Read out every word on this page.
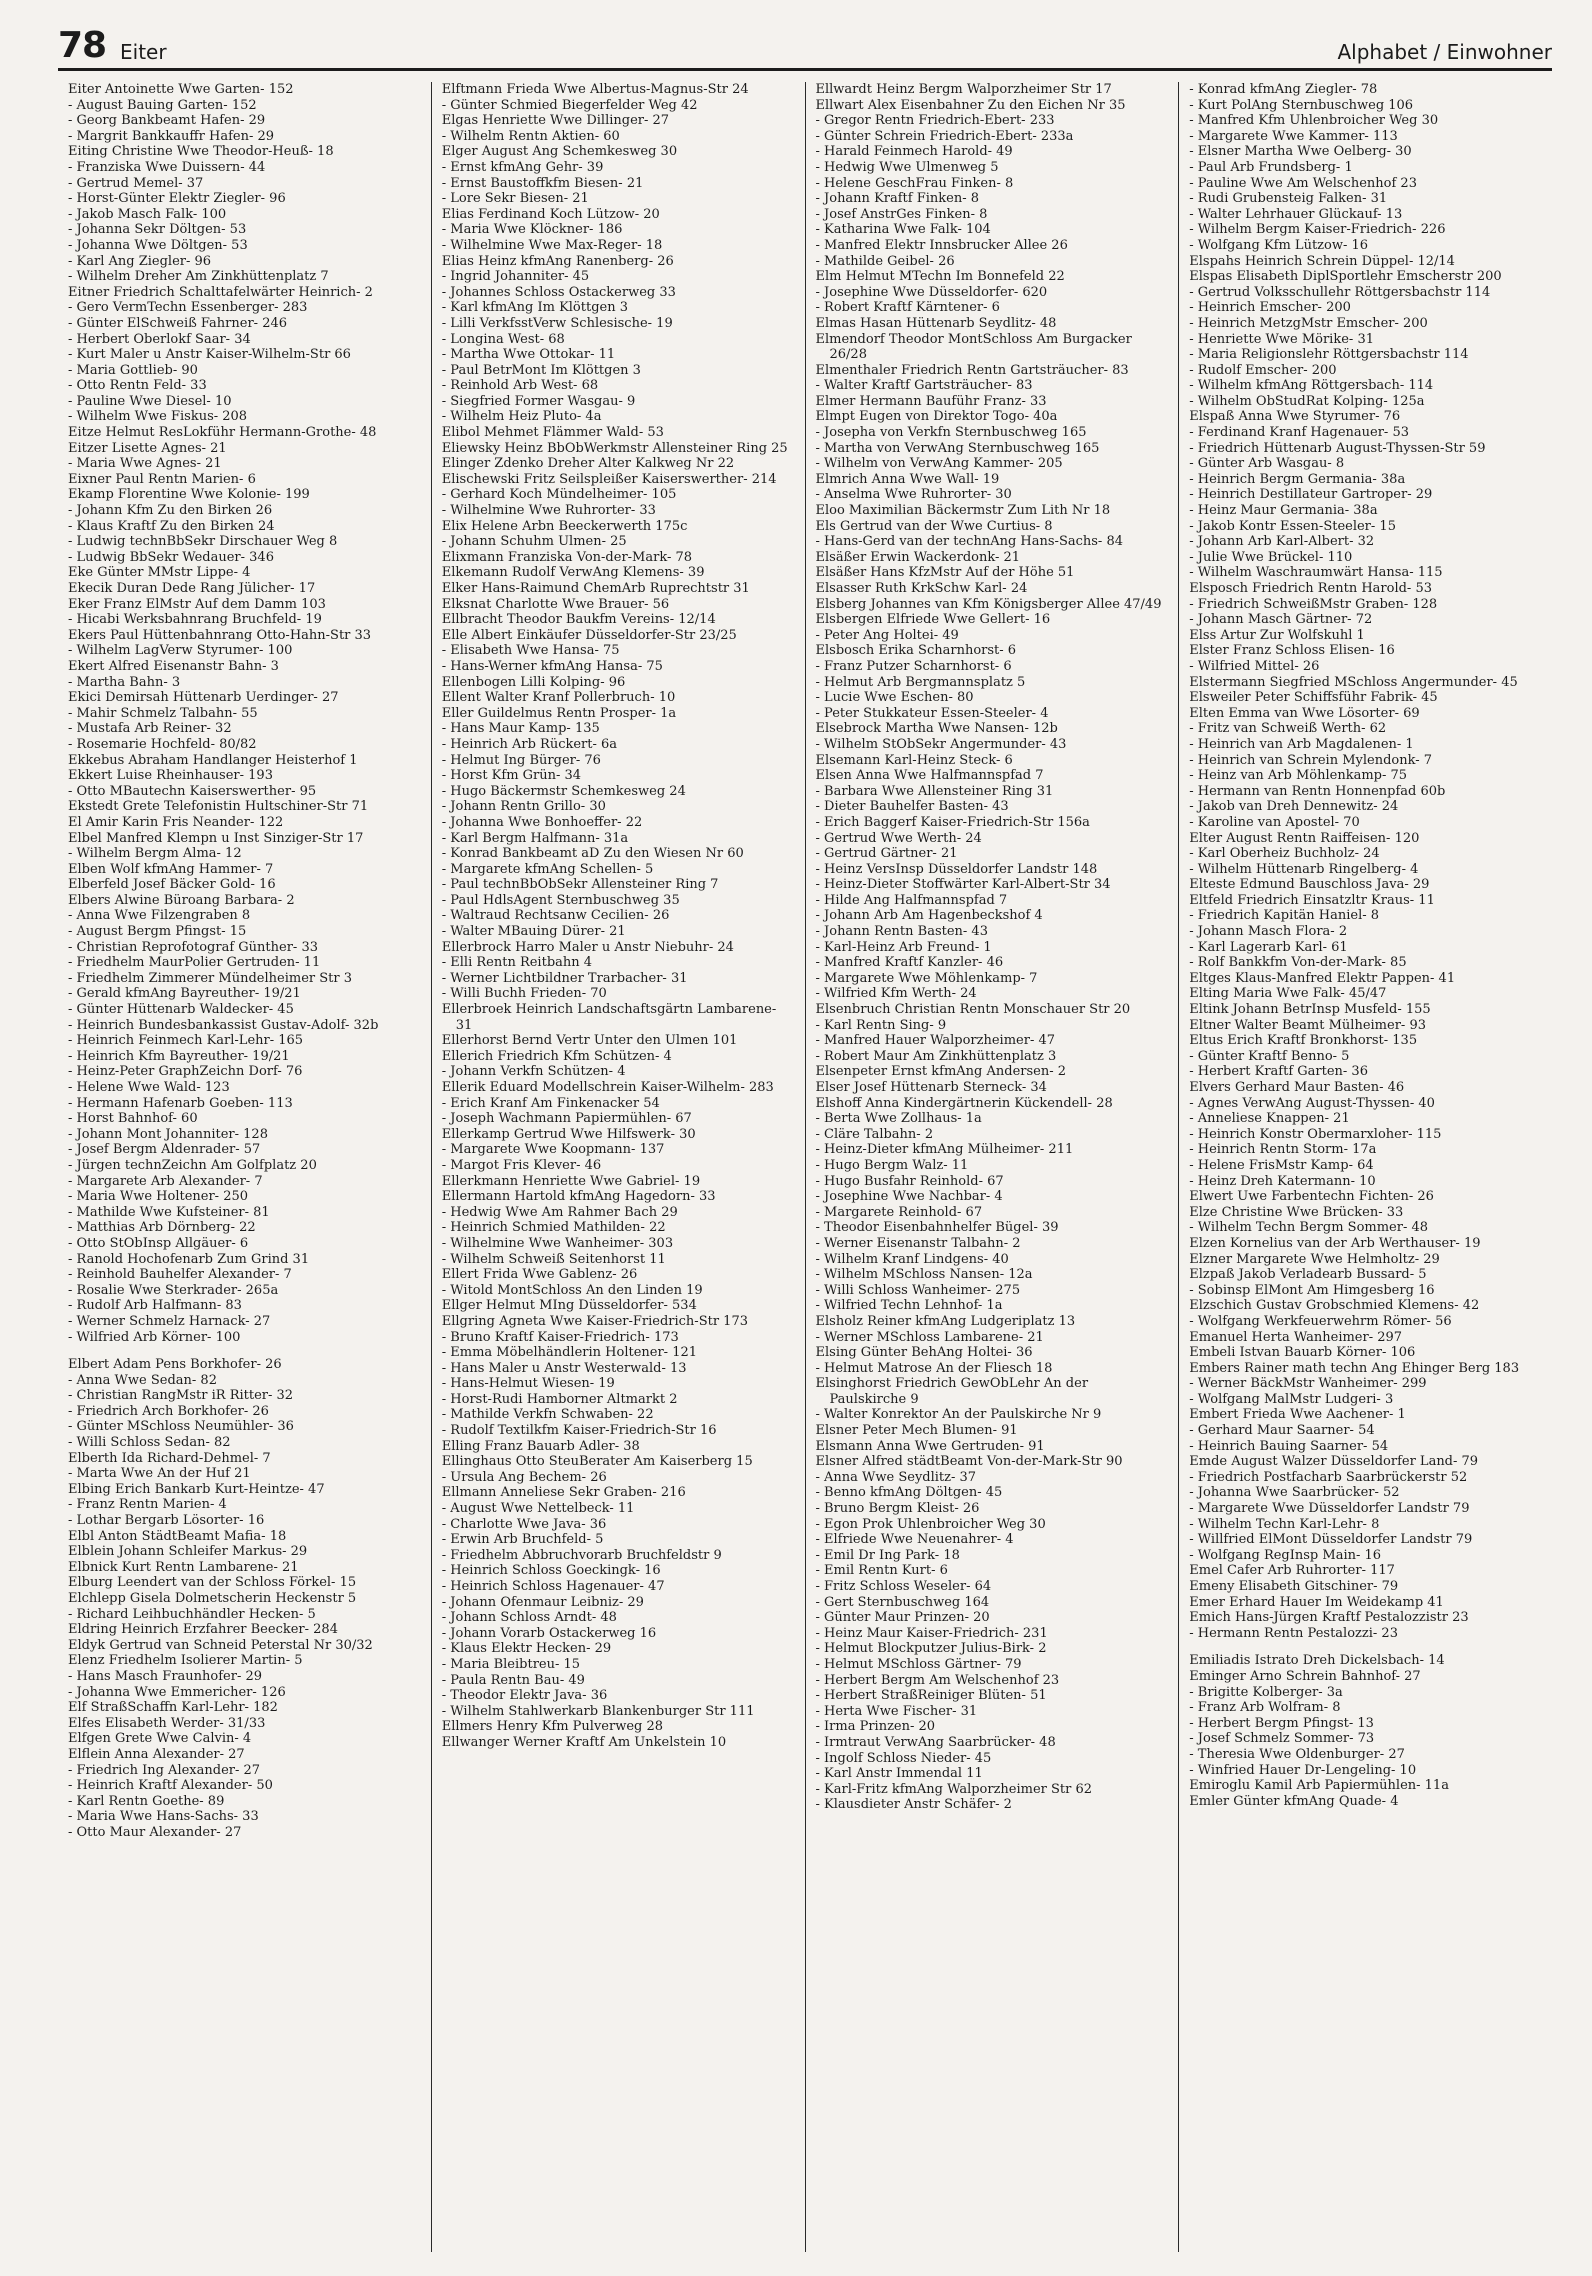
78 Eiter	Alphabet / Einwohner
Eiter Antoinette Wwe Garten- 152
- August Bauing Garten- 152
- Georg Bankbeamt Hafen- 29
- Margrit Bankkauffr Hafen- 29
Eiting Christine Wwe Theodor-Heuß- 18
- Franziska Wwe Duissern- 44
- Gertrud Memel- 37
- Horst-Günter Elektr Ziegler- 96
- Jakob Masch Falk- 100
- Johanna Sekr Döltgen- 53
- Johanna Wwe Döltgen- 53
- Karl Ang Ziegler- 96
- Wilhelm Dreher Am Zinkhüttenplatz 7
Eitner Friedrich Schalttafelwärter Heinrich- 2
- Gero VermTechn Essenberger- 283
- Günter ElSchweiß Fahrner- 246
- Herbert Oberlokf Saar- 34
- Kurt Maler u Anstr Kaiser-Wilhelm-Str 66
- Maria Gottlieb- 90
- Otto Rentn Feld- 33
- Pauline Wwe Diesel- 10
- Wilhelm Wwe Fiskus- 208
Eitze Helmut ResLokführ Hermann-Grothe- 48
Eitzer Lisette Agnes- 21
- Maria Wwe Agnes- 21
Eixner Paul Rentn Marien- 6
Ekamp Florentine Wwe Kolonie- 199
- Johann Kfm Zu den Birken 26
- Klaus Kraftf Zu den Birken 24
- Ludwig technBbSekr Dirschauer Weg 8
- Ludwig BbSekr Wedauer- 346
Eke Günter MMstr Lippe- 4
Ekecik Duran Dede Rang Jülicher- 17
Eker Franz ElMstr Auf dem Damm 103
- Hicabi Werksbahnrang Bruchfeld- 19
Ekers Paul Hüttenbahnrang Otto-Hahn-Str 33
- Wilhelm LagVerw Styrumer- 100
Ekert Alfred Eisenanstr Bahn- 3
- Martha Bahn- 3
Ekici Demirsah Hüttenarb Uerdinger- 27
- Mahir Schmelz Talbahn- 55
- Mustafa Arb Reiner- 32
- Rosemarie Hochfeld- 80/82
Ekkebus Abraham Handlanger Heisterhof 1
Ekkert Luise Rheinhauser- 193
- Otto MBautechn Kaiserswerther- 95
Ekstedt Grete Telefonistin Hultschiner-Str 71
El Amir Karin Fris Neander- 122
Elbel Manfred Klempn u Inst Sinziger-Str 17
- Wilhelm Bergm Alma- 12
Elben Wolf kfmAng Hammer- 7
Elberfeld Josef Bäcker Gold- 16
Elbers Alwine Büroang Barbara- 2
- Anna Wwe Filzengraben 8
- August Bergm Pfingst- 15
- Christian Reprofotograf Günther- 33
- Friedhelm MaurPolier Gertruden- 11
- Friedhelm Zimmerer Mündelheimer Str 3
- Gerald kfmAng Bayreuther- 19/21
- Günter Hüttenarb Waldecker- 45
- Heinrich Bundesbankassist Gustav-Adolf- 32b
- Heinrich Feinmech Karl-Lehr- 165
- Heinrich Kfm Bayreuther- 19/21
- Heinz-Peter GraphZeichn Dorf- 76
- Helene Wwe Wald- 123
- Hermann Hafenarb Goeben- 113
- Horst Bahnhof- 60
- Johann Mont Johanniter- 128
- Josef Bergm Aldenrader- 57
- Jürgen technZeichn Am Golfplatz 20
- Margarete Arb Alexander- 7
- Maria Wwe Holtener- 250
- Mathilde Wwe Kufsteiner- 81
- Matthias Arb Dörnberg- 22
- Otto StObInsp Allgäuer- 6
- Ranold Hochofenarb Zum Grind 31
- Reinhold Bauhelfer Alexander- 7
- Rosalie Wwe Sterkrader- 265a
- Rudolf Arb Halfmann- 83
- Werner Schmelz Harnack- 27
- Wilfried Arb Körner- 100
Elbert Adam Pens Borkhofer- 26
- Anna Wwe Sedan- 82
- Christian RangMstr iR Ritter- 32
- Friedrich Arch Borkhofer- 26
- Günter MSchloss Neumühler- 36
- Willi Schloss Sedan- 82
Elberth Ida Richard-Dehmel- 7
- Marta Wwe An der Huf 21
Elbing Erich Bankarb Kurt-Heintze- 47
- Franz Rentn Marien- 4
- Lothar Bergarb Lösorter- 16
Elbl Anton StädtBeamt Mafia- 18
Elblein Johann Schleifer Markus- 29
Elbnick Kurt Rentn Lambarene- 21
Elburg Leendert van der Schloss Förkel- 15
Elchlepp Gisela Dolmetscherin Heckenstr 5
- Richard Leihbuchhändler Hecken- 5
Eldring Heinrich Erzfahrer Beecker- 284
Eldyk Gertrud van Schneid Peterstal Nr 30/32
Elenz Friedhelm Isolierer Martin- 5
- Hans Masch Fraunhofer- 29
- Johanna Wwe Emmericher- 126
Elf StraßSchaffn Karl-Lehr- 182
Elfes Elisabeth Werder- 31/33
Elfgen Grete Wwe Calvin- 4
Elflein Anna Alexander- 27
- Friedrich Ing Alexander- 27
- Heinrich Kraftf Alexander- 50
- Karl Rentn Goethe- 89
- Maria Wwe Hans-Sachs- 33
- Otto Maur Alexander- 27
Elftmann Frieda Wwe Albertus-Magnus-Str 24
- Günter Schmied Biegerfelder Weg 42
Elgas Henriette Wwe Dillinger- 27
- Wilhelm Rentn Aktien- 60
Elger August Ang Schemkesweg 30
- Ernst kfmAng Gehr- 39
- Ernst Baustoffkfm Biesen- 21
- Lore Sekr Biesen- 21
Elias Ferdinand Koch Lützow- 20
- Maria Wwe Klöckner- 186
- Wilhelmine Wwe Max-Reger- 18
Elias Heinz kfmAng Ranenberg- 26
- Ingrid Johanniter- 45
- Johannes Schloss Ostackerweg 33
- Karl kfmAng Im Klöttgen 3
- Lilli VerkfsstVerw Schlesische- 19
- Longina West- 68
- Martha Wwe Ottokar- 11
- Paul BetrMont Im Klöttgen 3
- Reinhold Arb West- 68
- Siegfried Former Wasgau- 9
- Wilhelm Heiz Pluto- 4a
Elibol Mehmet Flämmer Wald- 53
Eliewsky Heinz BbObWerkmstr Allensteiner Ring 25
Elinger Zdenko Dreher Alter Kalkweg Nr 22
Elischewski Fritz Seilspleißer Kaiserswerther- 214
- Gerhard Koch Mündelheimer- 105
- Wilhelmine Wwe Ruhrorter- 33
Elix Helene Arbn Beeckerwerth 175c
- Johann Schuhm Ulmen- 25
Elixmann Franziska Von-der-Mark- 78
Elkemann Rudolf VerwAng Klemens- 39
Elker Hans-Raimund ChemArb Ruprechtstr 31
Elksnat Charlotte Wwe Brauer- 56
Ellbracht Theodor Baukfm Vereins- 12/14
Elle Albert Einkäufer Düsseldorfer-Str 23/25
- Elisabeth Wwe Hansa- 75
- Hans-Werner kfmAng Hansa- 75
Ellenbogen Lilli Kolping- 96
Ellent Walter Kranf Pollerbruch- 10
Eller Guildelmus Rentn Prosper- 1a
- Hans Maur Kamp- 135
- Heinrich Arb Rückert- 6a
- Helmut Ing Bürger- 76
- Horst Kfm Grün- 34
- Hugo Bäckermstr Schemkesweg 24
- Johann Rentn Grillo- 30
- Johanna Wwe Bonhoeffer- 22
- Karl Bergm Halfmann- 31a
- Konrad Bankbeamt aD Zu den Wiesen Nr 60
- Margarete kfmAng Schellen- 5
- Paul technBbObSekr Allensteiner Ring 7
- Paul HdlsAgent Sternbuschweg 35
- Waltraud Rechtsanw Cecilien- 26
- Walter MBauing Dürer- 21
Ellerbrock Harro Maler u Anstr Niebuhr- 24
- Elli Rentn Reitbahn 4
- Werner Lichtbildner Trarbacher- 31
- Willi Buchh Frieden- 70
Ellerbroek Heinrich Landschaftsgärtn Lambarene- 31
Ellerhorst Bernd Vertr Unter den Ulmen 101
Ellerich Friedrich Kfm Schützen- 4
- Johann Verkfn Schützen- 4
Ellerik Eduard Modellschrein Kaiser-Wilhelm- 283
- Erich Kranf Am Finkenacker 54
- Joseph Wachmann Papiermühlen- 67
Ellerkamp Gertrud Wwe Hilfswerk- 30
- Margarete Wwe Koopmann- 137
- Margot Fris Klever- 46
Ellerkmann Henriette Wwe Gabriel- 19
Ellermann Hartold kfmAng Hagedorn- 33
- Hedwig Wwe Am Rahmer Bach 29
- Heinrich Schmied Mathilden- 22
- Wilhelmine Wwe Wanheimer- 303
- Wilhelm Schweiß Seitenhorst 11
Ellert Frida Wwe Gablenz- 26
- Witold MontSchloss An den Linden 19
Ellger Helmut MIng Düsseldorfer- 534
Ellgring Agneta Wwe Kaiser-Friedrich-Str 173
- Bruno Kraftf Kaiser-Friedrich- 173
- Emma Möbelhändlerin Holtener- 121
- Hans Maler u Anstr Westerwald- 13
- Hans-Helmut Wiesen- 19
- Horst-Rudi Hamborner Altmarkt 2
- Mathilde Verkfn Schwaben- 22
- Rudolf Textilkfm Kaiser-Friedrich-Str 16
Elling Franz Bauarb Adler- 38
Ellinghaus Otto SteuBerater Am Kaiserberg 15
- Ursula Ang Bechem- 26
Ellmann Anneliese Sekr Graben- 216
- August Wwe Nettelbeck- 11
- Charlotte Wwe Java- 36
- Erwin Arb Bruchfeld- 5
- Friedhelm Abbruchvorarb Bruchfeldstr 9
- Heinrich Schloss Goeckingk- 16
- Heinrich Schloss Hagenauer- 47
- Johann Ofenmaur Leibniz- 29
- Johann Schloss Arndt- 48
- Johann Vorarb Ostackerweg 16
- Klaus Elektr Hecken- 29
- Maria Bleibtreu- 15
- Paula Rentn Bau- 49
- Theodor Elektr Java- 36
- Wilhelm Stahlwerkarb Blankenburger Str 111
Ellmers Henry Kfm Pulverweg 28
Ellwanger Werner Kraftf Am Unkelstein 10
Ellwardt Heinz Bergm Walporzheimer Str 17
Ellwart Alex Eisenbahner Zu den Eichen Nr 35
- Gregor Rentn Friedrich-Ebert- 233
- Günter Schrein Friedrich-Ebert- 233a
- Harald Feinmech Harold- 49
- Hedwig Wwe Ulmenweg 5
- Helene GeschFrau Finken- 8
- Johann Kraftf Finken- 8
- Josef AnstrGes Finken- 8
- Katharina Wwe Falk- 104
- Manfred Elektr Innsbrucker Allee 26
- Mathilde Geibel- 26
Elm Helmut MTechn Im Bonnefeld 22
- Josephine Wwe Düsseldorfer- 620
- Robert Kraftf Kärntener- 6
Elmas Hasan Hüttenarb Seydlitz- 48
Elmendorf Theodor MontSchloss Am Burgacker 26/28
Elmenthaler Friedrich Rentn Gartsträucher- 83
- Walter Kraftf Gartsträucher- 83
Elmer Hermann Bauführ Franz- 33
Elmpt Eugen von Direktor Togo- 40a
- Josepha von Verkfn Sternbuschweg 165
- Martha von VerwAng Sternbuschweg 165
- Wilhelm von VerwAng Kammer- 205
Elmrich Anna Wwe Wall- 19
- Anselma Wwe Ruhrorter- 30
Eloo Maximilian Bäckermstr Zum Lith Nr 18
Els Gertrud van der Wwe Curtius- 8
- Hans-Gerd van der technAng Hans-Sachs- 84
Elsäßer Erwin Wackerdonk- 21
Elsäßer Hans KfzMstr Auf der Höhe 51
Elsasser Ruth KrkSchw Karl- 24
Elsberg Johannes van Kfm Königsberger Allee 47/49
Elsbergen Elfriede Wwe Gellert- 16
- Peter Ang Holtei- 49
Elsbosch Erika Scharnhorst- 6
- Franz Putzer Scharnhorst- 6
- Helmut Arb Bergmannsplatz 5
- Lucie Wwe Eschen- 80
- Peter Stukkateur Essen-Steeler- 4
Elsebrock Martha Wwe Nansen- 12b
- Wilhelm StObSekr Angermunder- 43
Elsemann Karl-Heinz Steck- 6
Elsen Anna Wwe Halfmannspfad 7
- Barbara Wwe Allensteiner Ring 31
- Dieter Bauhelfer Basten- 43
- Erich Baggerf Kaiser-Friedrich-Str 156a
- Gertrud Wwe Werth- 24
- Gertrud Gärtner- 21
- Heinz VersInsp Düsseldorfer Landstr 148
- Heinz-Dieter Stoffwärter Karl-Albert-Str 34
- Hilde Ang Halfmannspfad 7
- Johann Arb Am Hagenbeckshof 4
- Johann Rentn Basten- 43
- Karl-Heinz Arb Freund- 1
- Manfred Kraftf Kanzler- 46
- Margarete Wwe Möhlenkamp- 7
- Wilfried Kfm Werth- 24
Elsenbruch Christian Rentn Monschauer Str 20
- Karl Rentn Sing- 9
- Manfred Hauer Walporzheimer- 47
- Robert Maur Am Zinkhüttenplatz 3
Elsenpeter Ernst kfmAng Andersen- 2
Elser Josef Hüttenarb Sterneck- 34
Elshoff Anna Kindergärtnerin Kückendell- 28
- Berta Wwe Zollhaus- 1a
- Cläre Talbahn- 2
- Heinz-Dieter kfmAng Mülheimer- 211
- Hugo Bergm Walz- 11
- Hugo Busfahr Reinhold- 67
- Josephine Wwe Nachbar- 4
- Margarete Reinhold- 67
- Theodor Eisenbahnhelfer Bügel- 39
- Werner Eisenanstr Talbahn- 2
- Wilhelm Kranf Lindgens- 40
- Wilhelm MSchloss Nansen- 12a
- Willi Schloss Wanheimer- 275
- Wilfried Techn Lehnhof- 1a
Elsholz Reiner kfmAng Ludgeriplatz 13
- Werner MSchloss Lambarene- 21
Elsing Günter BehAng Holtei- 36
- Helmut Matrose An der Fliesch 18
Elsinghorst Friedrich GewObLehr An der Paulskirche 9
- Walter Konrektor An der Paulskirche Nr 9
Elsner Peter Mech Blumen- 91
Elsmann Anna Wwe Gertruden- 91
Elsner Alfred städtBeamt Von-der-Mark-Str 90
- Anna Wwe Seydlitz- 37
- Benno kfmAng Döltgen- 45
- Bruno Bergm Kleist- 26
- Egon Prok Uhlenbroicher Weg 30
- Elfriede Wwe Neuenahrer- 4
- Emil Dr Ing Park- 18
- Emil Rentn Kurt- 6
- Fritz Schloss Weseler- 64
- Gert Sternbuschweg 164
- Günter Maur Prinzen- 20
- Heinz Maur Kaiser-Friedrich- 231
- Helmut Blockputzer Julius-Birk- 2
- Helmut MSchloss Gärtner- 79
- Herbert Bergm Am Welschenhof 23
- Herbert StraßReiniger Blüten- 51
- Herta Wwe Fischer- 31
- Irma Prinzen- 20
- Irmtraut VerwAng Saarbrücker- 48
- Ingolf Schloss Nieder- 45
- Karl Anstr Immendal 11
- Karl-Fritz kfmAng Walporzheimer Str 62
- Klausdieter Anstr Schäfer- 2
- Konrad kfmAng Ziegler- 78
- Kurt PolAng Sternbuschweg 106
- Manfred Kfm Uhlenbroicher Weg 30
- Margarete Wwe Kammer- 113
- Elsner Martha Wwe Oelberg- 30
- Paul Arb Frundsberg- 1
- Pauline Wwe Am Welschenhof 23
- Rudi Grubensteig Falken- 31
- Walter Lehrhauer Glückauf- 13
- Wilhelm Bergm Kaiser-Friedrich- 226
- Wolfgang Kfm Lützow- 16
Elspahs Heinrich Schrein Düppel- 12/14
Elspas Elisabeth DiplSportlehr Emscherstr 200
- Gertrud Volksschullehr Röttgersbachstr 114
- Heinrich Emscher- 200
- Heinrich MetzgMstr Emscher- 200
- Henriette Wwe Mörike- 31
- Maria Religionslehr Röttgersbachstr 114
- Rudolf Emscher- 200
- Wilhelm kfmAng Röttgersbach- 114
- Wilhelm ObStudRat Kolping- 125a
Elspaß Anna Wwe Styrumer- 76
- Ferdinand Kranf Hagenauer- 53
- Friedrich Hüttenarb August-Thyssen-Str 59
- Günter Arb Wasgau- 8
- Heinrich Bergm Germania- 38a
- Heinrich Destillateur Gartroper- 29
- Heinz Maur Germania- 38a
- Jakob Kontr Essen-Steeler- 15
- Johann Arb Karl-Albert- 32
- Julie Wwe Brückel- 110
- Wilhelm Waschraumwärt Hansa- 115
Elsposch Friedrich Rentn Harold- 53
- Friedrich SchweißMstr Graben- 128
- Johann Masch Gärtner- 72
Elss Artur Zur Wolfskuhl 1
Elster Franz Schloss Elisen- 16
- Wilfried Mittel- 26
Elstermann Siegfried MSchloss Angermunder- 45
Elsweiler Peter Schiffsführ Fabrik- 45
Elten Emma van Wwe Lösorter- 69
- Fritz van Schweiß Werth- 62
- Heinrich van Arb Magdalenen- 1
- Heinrich van Schrein Mylendonk- 7
- Heinz van Arb Möhlenkamp- 75
- Hermann van Rentn Honnenpfad 60b
- Jakob van Dreh Dennewitz- 24
- Karoline van Apostel- 70
Elter August Rentn Raiffeisen- 120
- Karl Oberheiz Buchholz- 24
- Wilhelm Hüttenarb Ringelberg- 4
Elteste Edmund Bauschloss Java- 29
Eltfeld Friedrich Einsatzltr Kraus- 11
- Friedrich Kapitän Haniel- 8
- Johann Masch Flora- 2
- Karl Lagerarb Karl- 61
- Rolf Bankkfm Von-der-Mark- 85
Eltges Klaus-Manfred Elektr Pappen- 41
Elting Maria Wwe Falk- 45/47
Eltink Johann BetrInsp Musfeld- 155
Eltner Walter Beamt Mülheimer- 93
Eltus Erich Kraftf Bronkhorst- 135
- Günter Kraftf Benno- 5
- Herbert Kraftf Garten- 36
Elvers Gerhard Maur Basten- 46
- Agnes VerwAng August-Thyssen- 40
- Anneliese Knappen- 21
- Heinrich Konstr Obermarxloher- 115
- Heinrich Rentn Storm- 17a
- Helene FrisMstr Kamp- 64
- Heinz Dreh Katermann- 10
Elwert Uwe Farbentechn Fichten- 26
Elze Christine Wwe Brücken- 33
- Wilhelm Techn Bergm Sommer- 48
Elzen Kornelius van der Arb Werthauser- 19
Elzner Margarete Wwe Helmholtz- 29
Elzpaß Jakob Verladearb Bussard- 5
- Sobinsp ElMont Am Himgesberg 16
Elzschich Gustav Grobschmied Klemens- 42
- Wolfgang Werkfeuerwehrm Römer- 56
Emanuel Herta Wanheimer- 297
Embeli Istvan Bauarb Körner- 106
Embers Rainer math techn Ang Ehinger Berg 183
- Werner BäckMstr Wanheimer- 299
- Wolfgang MalMstr Ludgeri- 3
Embert Frieda Wwe Aachener- 1
- Gerhard Maur Saarner- 54
- Heinrich Bauing Saarner- 54
Emde August Walzer Düsseldorfer Land- 79
- Friedrich Postfacharb Saarbrückerstr 52
- Johanna Wwe Saarbrücker- 52
- Margarete Wwe Düsseldorfer Landstr 79
- Wilhelm Techn Karl-Lehr- 8
- Willfried ElMont Düsseldorfer Landstr 79
- Wolfgang RegInsp Main- 16
Emel Cafer Arb Ruhrorter- 117
Emeny Elisabeth Gitschiner- 79
Emer Erhard Hauer Im Weidekamp 41
Emich Hans-Jürgen Kraftf Pestalozzistr 23
- Hermann Rentn Pestalozzi- 23
Emiliadis Istrato Dreh Dickelsbach- 14
Eminger Arno Schrein Bahnhof- 27
- Brigitte Kolberger- 3a
- Franz Arb Wolfram- 8
- Herbert Bergm Pfingst- 13
- Josef Schmelz Sommer- 73
- Theresia Wwe Oldenburger- 27
- Winfried Hauer Dr-Lengeling- 10
Emiroglu Kamil Arb Papiermühlen- 11a
Emler Günter kfmAng Quade- 4
